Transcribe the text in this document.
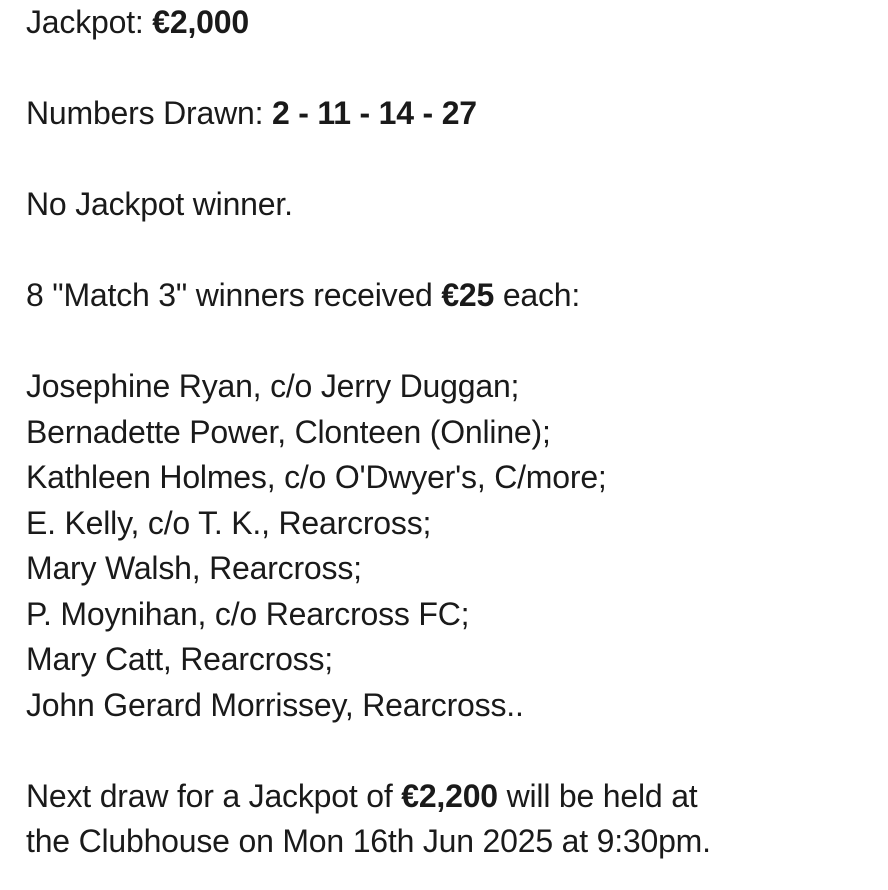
Jackpot: €2,000
Numbers Drawn: 2 - 11 - 14 - 27
No Jackpot winner.
8 "Match 3" winners received €25 each:
Josephine Ryan, c/o Jerry Duggan;
Bernadette Power, Clonteen (Online);
Kathleen Holmes, c/o O'Dwyer's, C/more;
E. Kelly, c/o T. K., Rearcross;
Mary Walsh, Rearcross;
P. Moynihan, c/o Rearcross FC;
Mary Catt, Rearcross;
John Gerard Morrissey, Rearcross..
Next draw for a Jackpot of €2,200 will be held at
the Clubhouse on Mon 16th Jun 2025 at 9:30pm.
